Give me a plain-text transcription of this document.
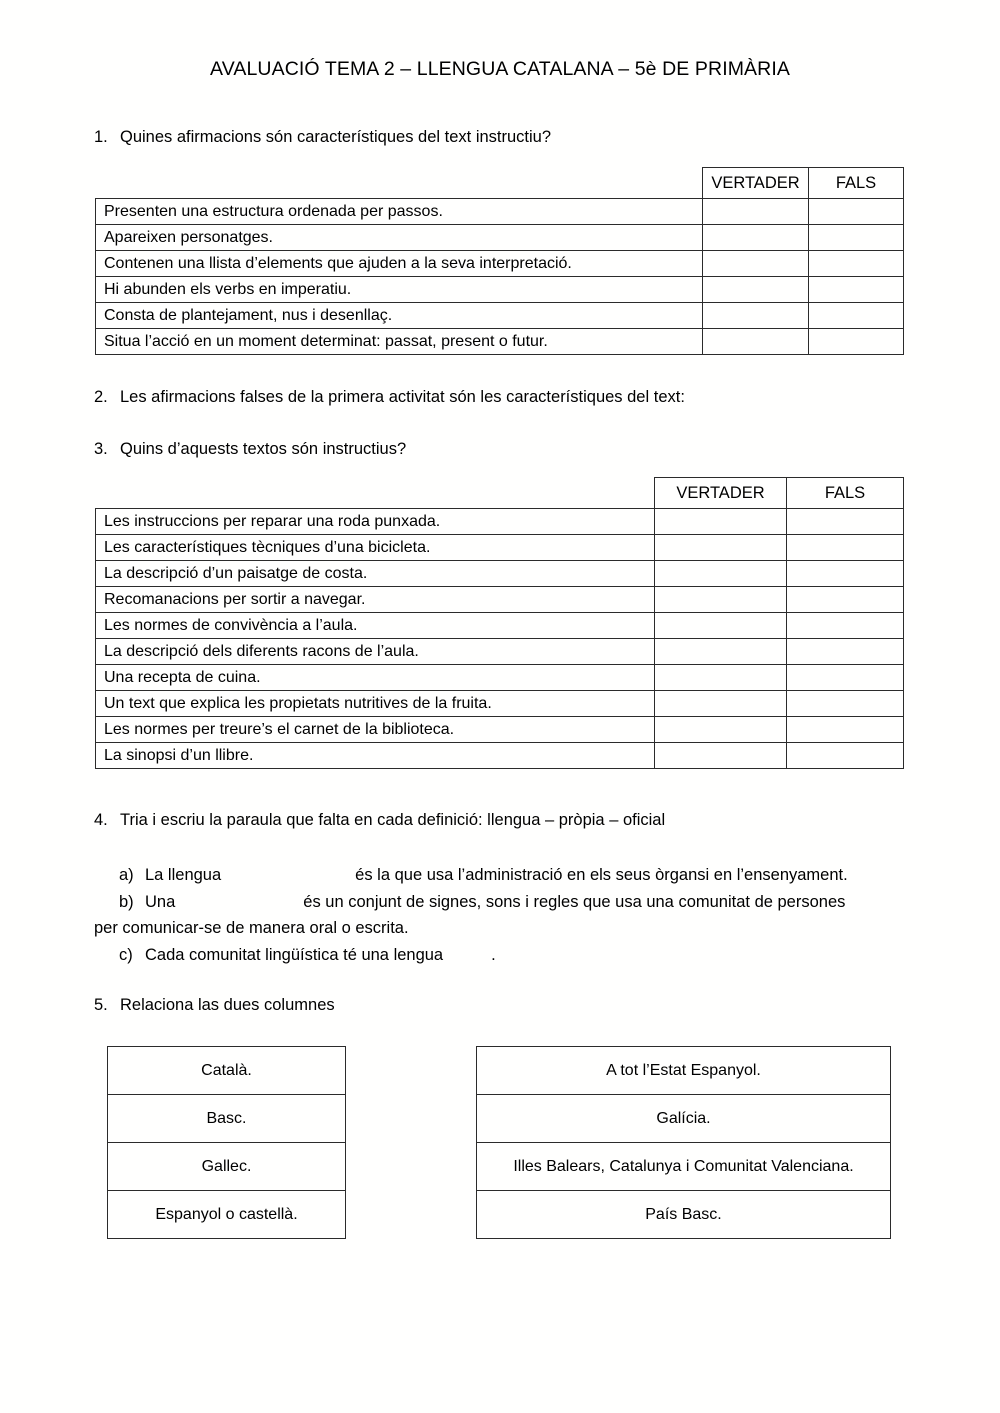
AVALUACIÓ TEMA 2 – LLENGUA CATALANA – 5è DE PRIMÀRIA
1. Quines afirmacions són característiques del text instructiu?
	VERTADER	FALS
Presenten una estructura ordenada per passos.		
Apareixen personatges.		
Contenen una llista d’elements que ajuden a la seva interpretació.		
Hi abunden els verbs en imperatiu.		
Consta de plantejament, nus i desenllaç.		
Situa l’acció en un moment determinat: passat, present o futur.		
2. Les afirmacions falses de la primera activitat són les característiques del text:
3. Quins d’aquests textos són instructius?
	VERTADER	FALS
Les instruccions per reparar una roda punxada.		
Les característiques tècniques d’una bicicleta.		
La descripció d’un paisatge de costa.		
Recomanacions per sortir a navegar.		
Les normes de convivència a l’aula.		
La descripció dels diferents racons de l’aula.		
Una recepta de cuina.		
Un text que explica les propietats nutritives de la fruita.		
Les normes per treure’s el carnet de la biblioteca.		
La sinopsi d’un llibre.		
4. Tria i escriu la paraula que falta en cada definició: llengua – pròpia – oficial
a) La llengua	és la que usa l’administració en els seus òrgansi en l’ensenyament.
b) Una	és un conjunt de signes, sons i regles que usa una comunitat de persones
per comunicar-se de manera oral o escrita.
c) Cada comunitat lingüística té una lengua	.
5. Relaciona las dues columnes
Català.
Basc.
Gallec.
Espanyol o castellà.
A tot l’Estat Espanyol.
Galícia.
Illes Balears, Catalunya i Comunitat Valenciana.
País Basc.
